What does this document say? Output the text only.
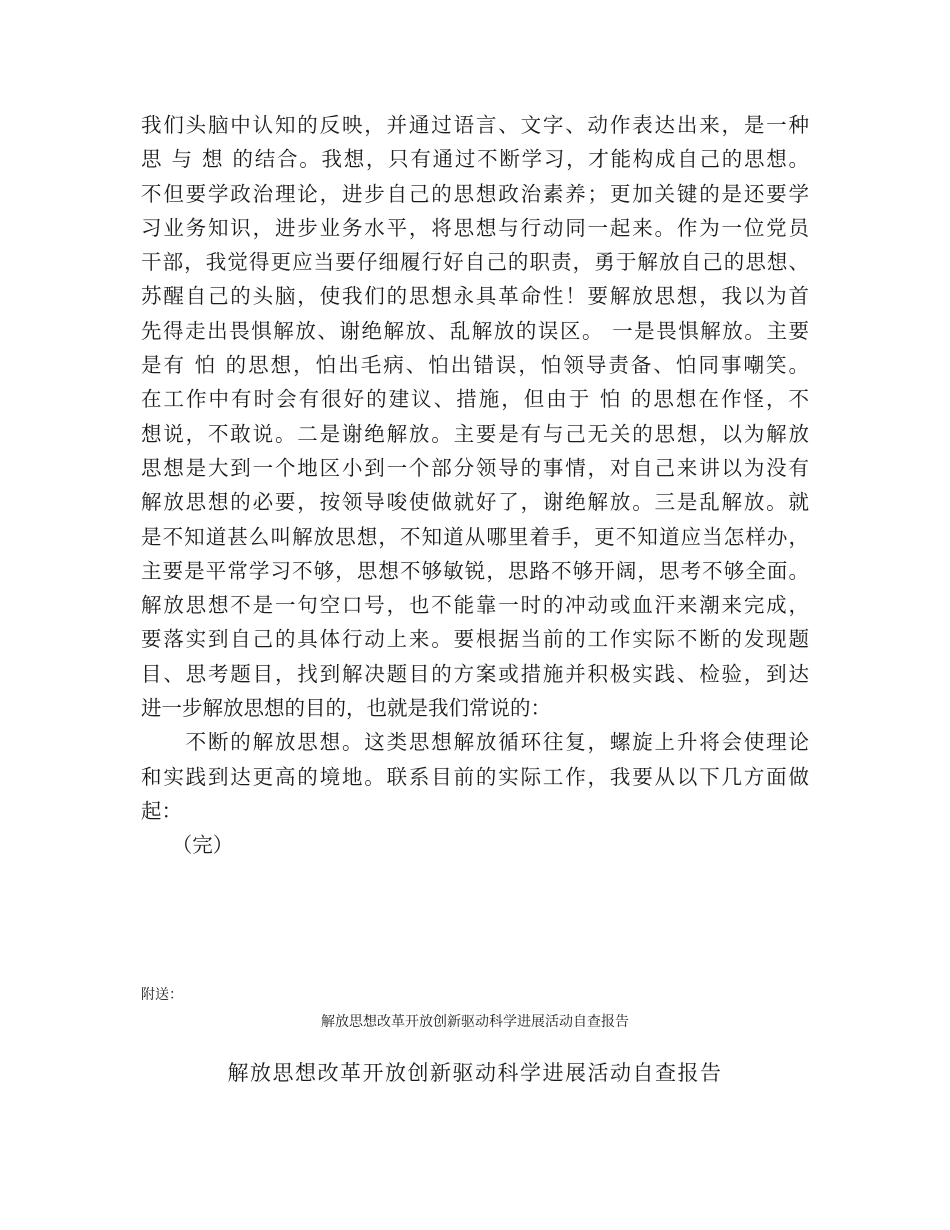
我们头脑中认知的反映，并通过语言、文字、动作表达出来，是一种
思 与 想 的结合。我想，只有通过不断学习，才能构成自己的思想。
不但要学政治理论，进步自己的思想政治素养；更加关键的是还要学
习业务知识，进步业务水平，将思想与行动同一起来。作为一位党员
干部，我觉得更应当要仔细履行好自己的职责，勇于解放自己的思想、
苏醒自己的头脑，使我们的思想永具革命性！要解放思想，我以为首
先得走出畏惧解放、谢绝解放、乱解放的误区。 一是畏惧解放。主要
是有 怕 的思想，怕出毛病、怕出错误，怕领导责备、怕同事嘲笑。
在工作中有时会有很好的建议、措施，但由于 怕 的思想在作怪，不
想说，不敢说。二是谢绝解放。主要是有与己无关的思想，以为解放
思想是大到一个地区小到一个部分领导的事情，对自己来讲以为没有
解放思想的必要，按领导唆使做就好了，谢绝解放。三是乱解放。就
是不知道甚么叫解放思想，不知道从哪里着手，更不知道应当怎样办，
主要是平常学习不够，思想不够敏锐，思路不够开阔，思考不够全面。
解放思想不是一句空口号，也不能靠一时的冲动或血汗来潮来完成，
要落实到自己的具体行动上来。要根据当前的工作实际不断的发现题
目、思考题目，找到解决题目的方案或措施并积极实践、检验，到达
进一步解放思想的目的，也就是我们常说的：
　　不断的解放思想。这类思想解放循环往复，螺旋上升将会使理论
和实践到达更高的境地。联系目前的实际工作，我要从以下几方面做
起：
　　（完）
附送：
解放思想改革开放创新驱动科学进展活动自查报告
解放思想改革开放创新驱动科学进展活动自查报告
